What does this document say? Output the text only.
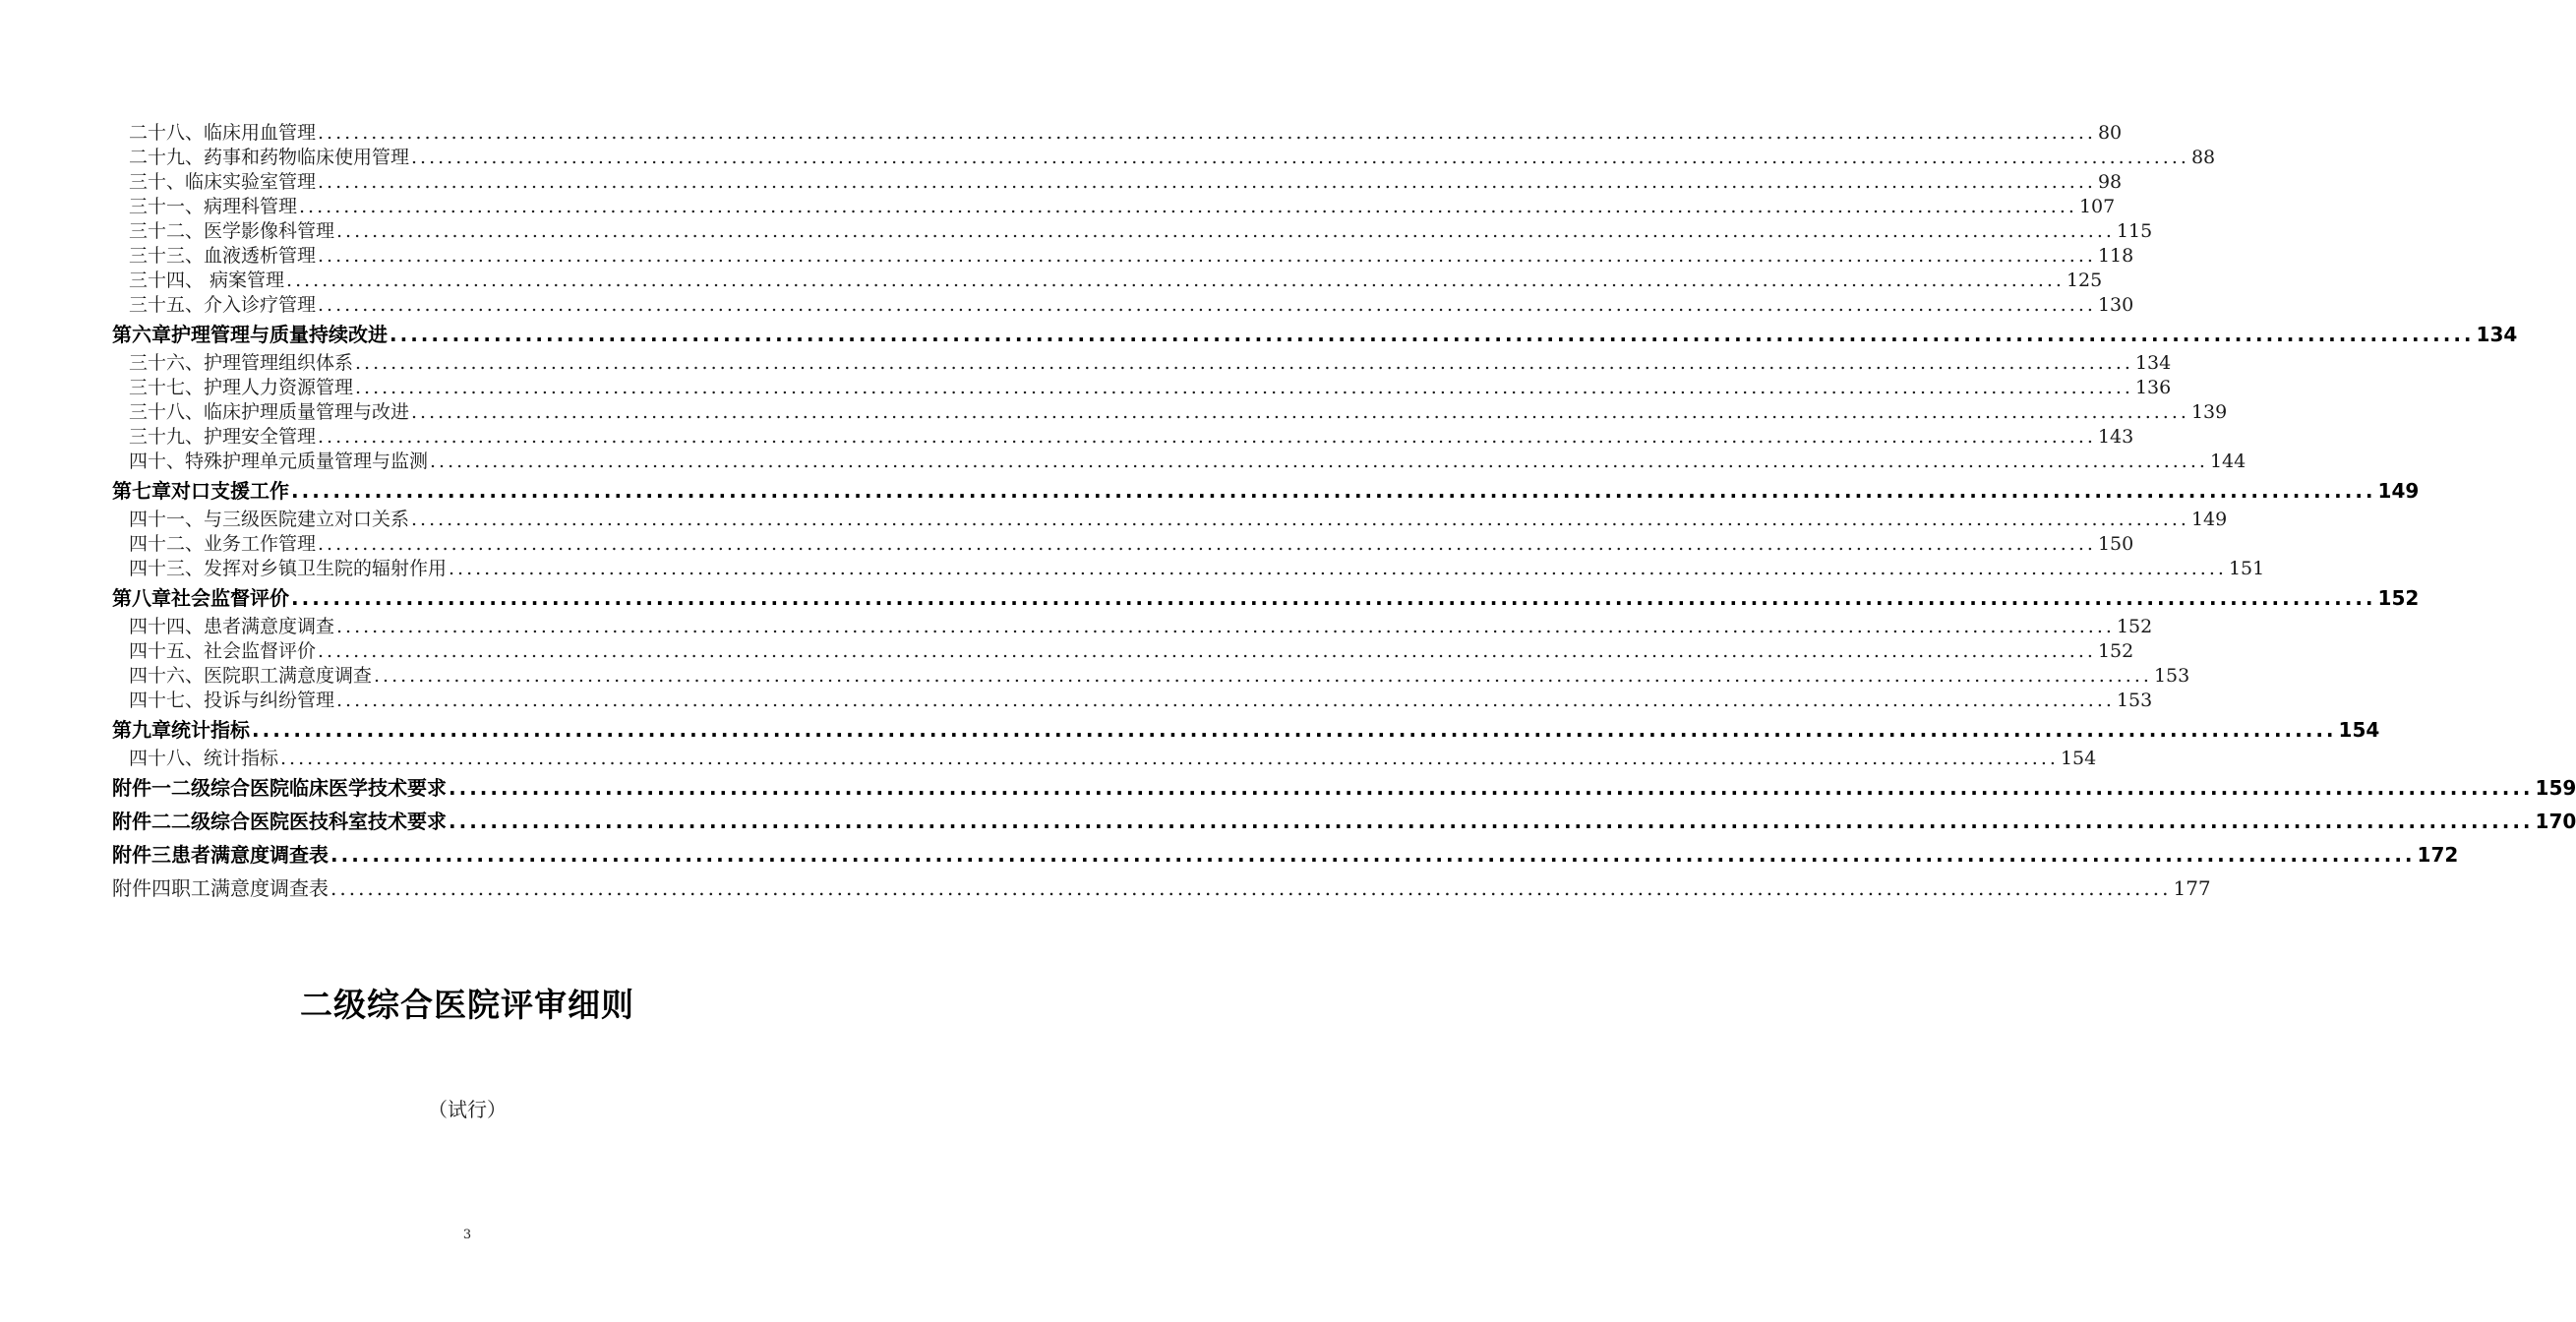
二十八、临床用血管理 ........................................................................................................................................................................................................ 80
二十九、药事和药物临床使用管理 ........................................................................................................................................................................................................ 88
三十、临床实验室管理 ........................................................................................................................................................................................................ 98
三十一、病理科管理 ........................................................................................................................................................................................................ 107
三十二、医学影像科管理 ........................................................................................................................................................................................................ 115
三十三、血液透析管理 ........................................................................................................................................................................................................ 118
三十四、 病案管理 ........................................................................................................................................................................................................ 125
三十五、介入诊疗管理 ........................................................................................................................................................................................................ 130
第六章 护理管理与质量持续改进 ........................................................................................................................................................................................................ 134
三十六、护理管理组织体系 ........................................................................................................................................................................................................ 134
三十七、护理人力资源管理 ........................................................................................................................................................................................................ 136
三十八、临床护理质量管理与改进 ........................................................................................................................................................................................................ 139
三十九、护理安全管理 ........................................................................................................................................................................................................ 143
四十、特殊护理单元质量管理与监测 ........................................................................................................................................................................................................ 144
第七章 对口支援工作 ........................................................................................................................................................................................................ 149
四十一、与三级医院建立对口关系 ........................................................................................................................................................................................................ 149
四十二、业务工作管理 ........................................................................................................................................................................................................ 150
四十三、发挥对乡镇卫生院的辐射作用 ........................................................................................................................................................................................................ 151
第八章 社会监督评价 ........................................................................................................................................................................................................ 152
四十四、患者满意度调查 ........................................................................................................................................................................................................ 152
四十五、社会监督评价 ........................................................................................................................................................................................................ 152
四十六、医院职工满意度调查 ........................................................................................................................................................................................................ 153
四十七、投诉与纠纷管理 ........................................................................................................................................................................................................ 153
第九章 统计指标 ........................................................................................................................................................................................................ 154
四十八、统计指标 ........................................................................................................................................................................................................ 154
附件一 二级综合医院临床医学技术要求 ........................................................................................................................................................................................................ 159
附件二 二级综合医院医技科室技术要求 ........................................................................................................................................................................................................ 170
附件三 患者满意度调查表 ........................................................................................................................................................................................................ 172
附件四 职工满意度调查表 ........................................................................................................................................................................................................ 177
二级综合医院评审细则
（试行）
3
